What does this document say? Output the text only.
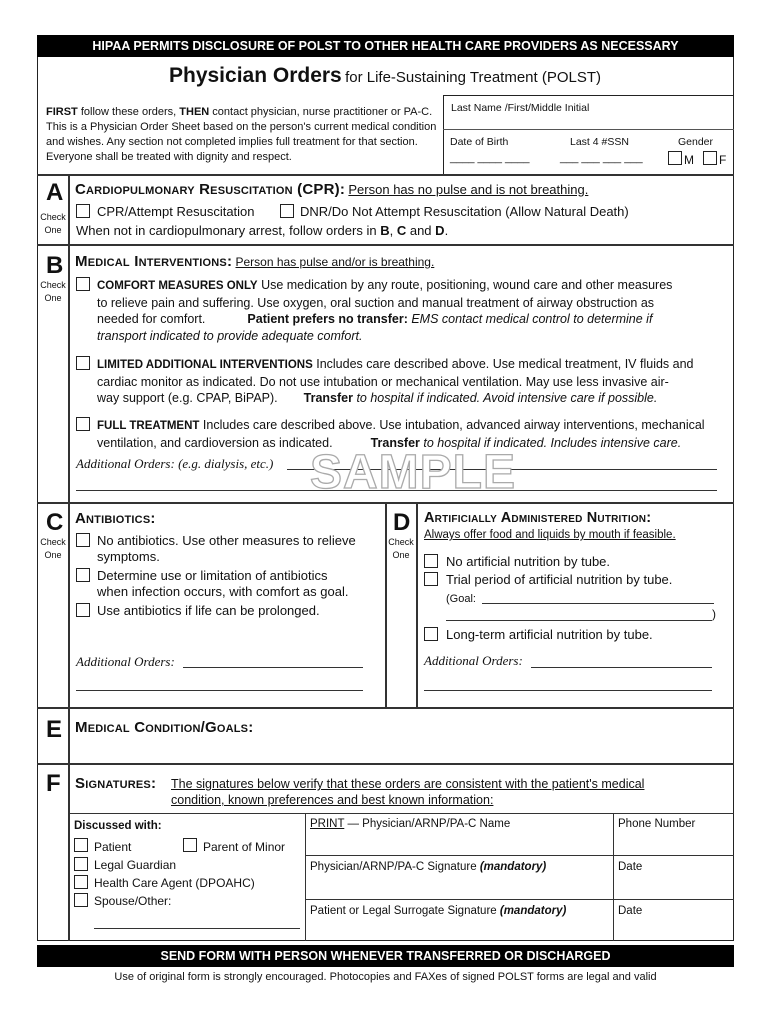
HIPAA PERMITS DISCLOSURE OF POLST TO OTHER HEALTH CARE PROVIDERS AS NECESSARY
Physician Orders for Life-Sustaining Treatment (POLST)
FIRST follow these orders, THEN contact physician, nurse practitioner or PA-C. This is a Physician Order Sheet based on the person's current medical condition and wishes. Any section not completed implies full treatment for that section. Everyone shall be treated with dignity and respect.
Last Name /First/Middle Initial
Date of Birth	Last 4 #SSN	Gender
____ ____ ____	___ ___ ___ ___	M F
A
Check
One
Cardiopulmonary Resuscitation (CPR): Person has no pulse and is not breathing.
CPR/Attempt Resuscitation	DNR/Do Not Attempt Resuscitation (Allow Natural Death)
When not in cardiopulmonary arrest, follow orders in B, C and D.
B
Check
One
Medical Interventions: Person has pulse and/or is breathing.
COMFORT MEASURES ONLY Use medication by any route, positioning, wound care and other measures
to relieve pain and suffering. Use oxygen, oral suction and manual treatment of airway obstruction as
needed for comfort.	Patient prefers no transfer: EMS contact medical control to determine if
transport indicated to provide adequate comfort.
LIMITED ADDITIONAL INTERVENTIONS Includes care described above. Use medical treatment, IV fluids and
cardiac monitor as indicated. Do not use intubation or mechanical ventilation. May use less invasive air-
way support (e.g. CPAP, BiPAP). Transfer to hospital if indicated. Avoid intensive care if possible.
FULL TREATMENT Includes care described above. Use intubation, advanced airway interventions, mechanical
ventilation, and cardioversion as indicated.	Transfer to hospital if indicated. Includes intensive care.
Additional Orders: (e.g. dialysis, etc.) SAMPLE
C
Check
One
Antibiotics:
No antibiotics. Use other measures to relieve
symptoms.
Determine use or limitation of antibiotics
when infection occurs, with comfort as goal.
Use antibiotics if life can be prolonged.
Additional Orders:
D
Check
One
Artificially Administered Nutrition:
Always offer food and liquids by mouth if feasible.
No artificial nutrition by tube.
Trial period of artificial nutrition by tube.
(Goal:
)
Long-term artificial nutrition by tube.
Additional Orders:
E Medical Condition/Goals:
F Signatures: The signatures below verify that these orders are consistent with the patient's medical
condition, known preferences and best known information:
Discussed with:
Patient	Parent of Minor
Legal Guardian
Health Care Agent (DPOAHC)
Spouse/Other:
PRINT — Physician/ARNP/PA-C Name	Phone Number
Physician/ARNP/PA-C Signature (mandatory)	Date
Patient or Legal Surrogate Signature (mandatory)	Date
SEND FORM WITH PERSON WHENEVER TRANSFERRED OR DISCHARGED
Use of original form is strongly encouraged. Photocopies and FAXes of signed POLST forms are legal and valid
